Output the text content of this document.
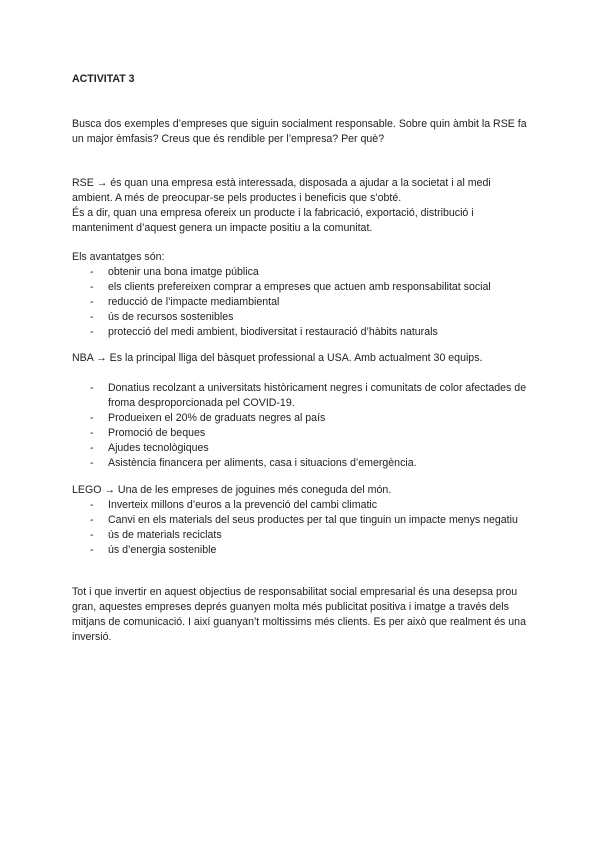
ACTIVITAT 3

Busca dos exemples d’empreses que siguin socialment responsable. Sobre quin àmbit la RSE fa un major èmfasis? Creus que és rendible per l’empresa? Per què?

RSE → és quan una empresa està interessada, disposada a ajudar a la societat i al medi ambient. A més de preocupar-se pels productes i beneficis que s’obté.

És a dir, quan una empresa ofereix un producte i la fabricació, exportació, distribució i manteniment d’aquest genera un impacte positiu a la comunitat.

Els avantatges són:

- obtenir una bona imatge pública
- els clients prefereixen comprar a empreses que actuen amb responsabilitat social
- reducció de l’impacte mediambiental
- ús de recursos sostenibles
- protecció del medi ambient, biodiversitat i restauració d’hàbits naturals

NBA → Es la principal lliga del bàsquet professional a USA. Amb actualment 30 equips.

- Donatius recolzant a universitats històricament negres i comunitats de color afectades de froma desproporcionada pel COVID-19.
- Produeixen el 20% de graduats negres al país
- Promoció de beques
- Ajudes tecnològiques
- Asistència financera per aliments, casa i situacions d’emergència.

LEGO → Una de les empreses de joguines més coneguda del món.

- Inverteix millons d’euros a la prevenció del cambi climatic
- Canvi en els materials del seus productes per tal que tinguin un impacte menys negatiu
- ús de materials reciclats
- ús d’energia sostenible

Tot i que invertir en aquest objectius de responsabilitat social empresarial és una desepsa prou gran, aquestes empreses deprés guanyen molta més publicitat positiva i imatge a través dels mitjans de comunicació. I així guanyan’t moltissims més clients. Es per això que realment és una inversió.
